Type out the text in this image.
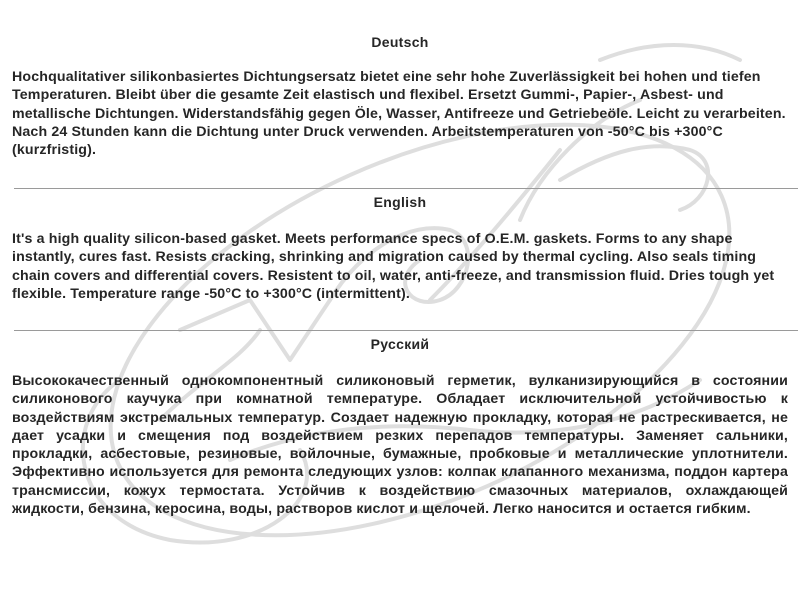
Deutsch

Hochqualitativer silikonbasiertes Dichtungsersatz bietet eine sehr hohe Zuverlässigkeit bei hohen und tiefen Temperaturen. Bleibt über die gesamte Zeit elastisch und flexibel. Ersetzt Gummi-, Papier-, Asbest- und metallische Dichtungen. Widerstandsfähig gegen Öle, Wasser, Antifreeze und Getriebeöle. Leicht zu verarbeiten. Nach 24 Stunden kann die Dichtung unter Druck verwenden. Arbeitstemperaturen von -50°C bis +300°C (kurzfristig).

English

It's a high quality silicon-based gasket. Meets performance specs of O.E.M. gaskets. Forms to any shape instantly, cures fast. Resists cracking, shrinking and migration caused by thermal cycling. Also seals timing chain covers and differential covers. Resistent to oil, water, anti-freeze, and transmission fluid. Dries tough yet flexible. Temperature range -50°C to +300°C (intermittent).

Русский

Высококачественный однокомпонентный силиконовый герметик, вулканизирующийся в состоянии силиконового каучука при комнатной температуре. Обладает исключительной устойчивостью к воздействиям экстремальных температур. Создает надежную прокладку, которая не растрескивается, не дает усадки и смещения под воздействием резких перепадов температуры. Заменяет сальники, прокладки, асбестовые, резиновые, войлочные, бумажные, пробковые и металлические уплотнители. Эффективно используется для ремонта следующих узлов: колпак клапанного механизма, поддон картера трансмиссии, кожух термостата. Устойчив к воздействию смазочных материалов, охлаждающей жидкости, бензина, керосина, воды, растворов кислот и щелочей. Легко наносится и остается гибким.
